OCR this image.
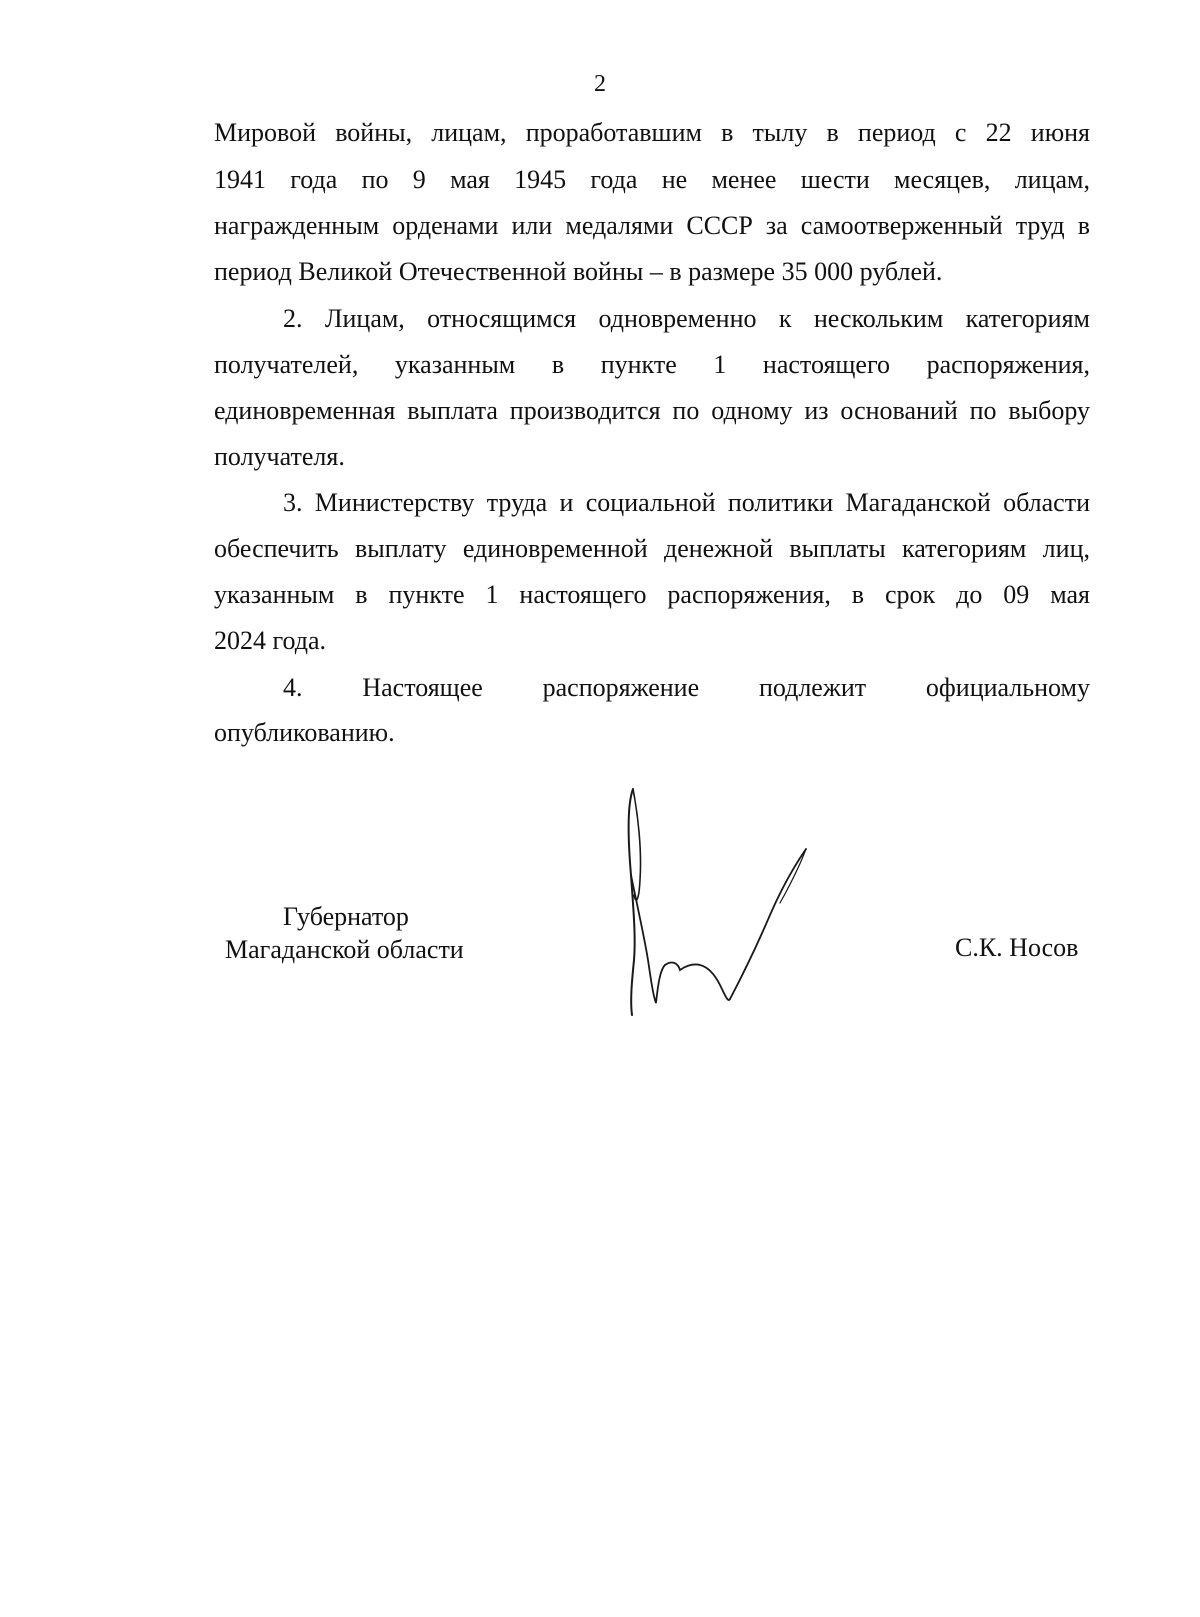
2
Мировой войны, лицам, проработавшим в тылу в период с 22 июня
1941 года по 9 мая 1945 года не менее шести месяцев, лицам,
награжденным орденами или медалями СССР за самоотверженный труд в
период Великой Отечественной войны – в размере 35 000 рублей.
2. Лицам, относящимся одновременно к нескольким категориям
получателей, указанным в пункте 1 настоящего распоряжения,
единовременная выплата производится по одному из оснований по выбору
получателя.
3. Министерству труда и социальной политики Магаданской области
обеспечить выплату единовременной денежной выплаты категориям лиц,
указанным в пункте 1 настоящего распоряжения, в срок до 09 мая
2024 года.
4. Настоящее распоряжение подлежит официальному
опубликованию.
Губернатор
Магаданской области	С.К. Носов
